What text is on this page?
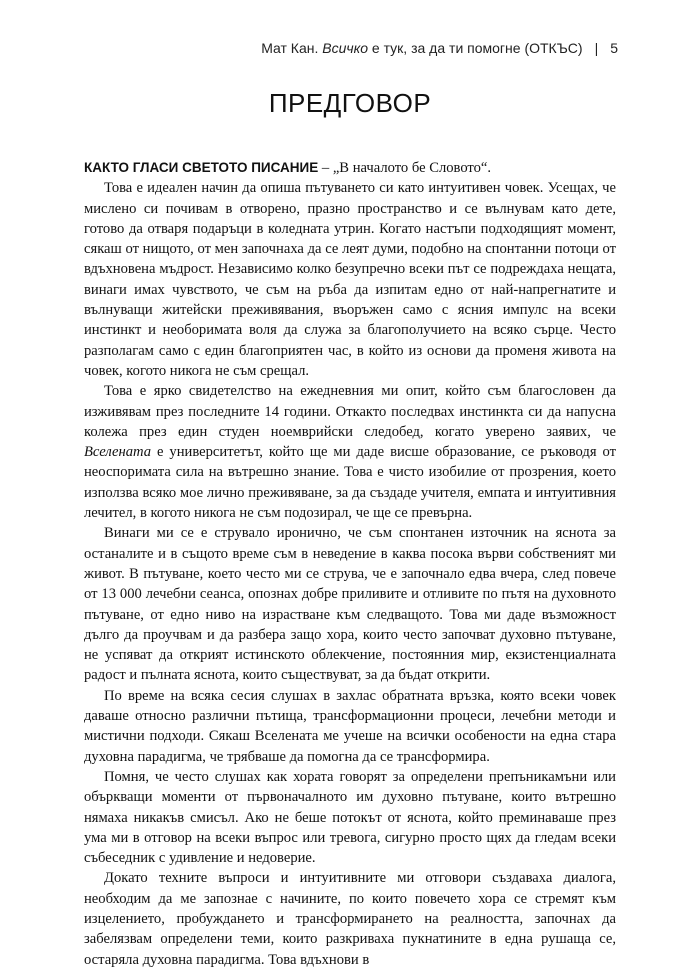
Мат Кан. Всичко е тук, за да ти помогне (ОТКЪС) | 5
ПРЕДГОВОР

КАКТО ГЛАСИ СВЕТОТО ПИСАНИЕ – „В началото бе Словото“.

Това е идеален начин да опиша пътуването си като интуитивен човек. Усещах, че мислено си почивам в отворено, празно пространство и се вълнувам като дете, готово да отваря подаръци в коледната утрин. Когато настъпи подходящият момент, сякаш от нищото, от мен започнаха да се леят думи, подобно на спонтанни потоци от вдъхновена мъдрост. Независимо колко безупречно всеки път се подреждаха нещата, винаги имах чувството, че съм на ръба да изпитам едно от най-напрегнатите и вълнуващи житейски преживявания, въоръжен само с ясния импулс на всеки инстинкт и необоримата воля да служа за благополучието на всяко сърце. Често разполагам само с един благоприятен час, в който из основи да променя живота на човек, когото никога не съм срещал.

Това е ярко свидетелство на ежедневния ми опит, който съм благословен да изживявам през последните 14 години. Откакто последвах инстинкта си да напусна колежа през един студен ноемврийски следобед, когато уверено заявих, че Вселената е университетът, който ще ми даде висше образование, се ръководя от неоспоримата сила на вътрешно знание. Това е чисто изобилие от прозрения, което използва всяко мое лично преживяване, за да създаде учителя, емпата и интуитивния лечител, в когото никога не съм подозирал, че ще се превърна.

Винаги ми се е струвало иронично, че съм спонтанен източник на яснота за останалите и в същото време съм в неведение в каква посока върви собственият ми живот. В пътуване, което често ми се струва, че е започнало едва вчера, след повече от 13 000 лечебни сеанса, опознах добре приливите и отливите по пътя на духовното пътуване, от едно ниво на израстване към следващото. Това ми даде възможност дълго да проучвам и да разбера защо хора, които често започват духовно пътуване, не успяват да открият истинското облекчение, постоянния мир, екзистенциалната радост и пълната яснота, които съществуват, за да бъдат открити.

По време на всяка сесия слушах в захлас обратната връзка, която всеки човек даваше относно различни пътища, трансформационни процеси, лечебни методи и мистични подходи. Сякаш Вселената ме учеше на всички особености на една стара духовна парадигма, че трябваше да помогна да се трансформира.

Помня, че често слушах как хората говорят за определени препъникамъни или объркващи моменти от първоначалното им духовно пътуване, които вътрешно нямаха никакъв смисъл. Ако не беше потокът от яснота, който преминаваше през ума ми в отговор на всеки въпрос или тревога, сигурно просто щях да гледам всеки събеседник с удивление и недоверие.

Докато техните въпроси и интуитивните ми отговори създаваха диалога, необходим да ме запознае с начините, по които повечето хора се стремят към изцелението, пробуждането и трансформирането на реалността, започнах да забелязвам определени теми, които разкриваха пукнатините в една рушаща се, остаряла духовна парадигма. Това вдъхнови в
